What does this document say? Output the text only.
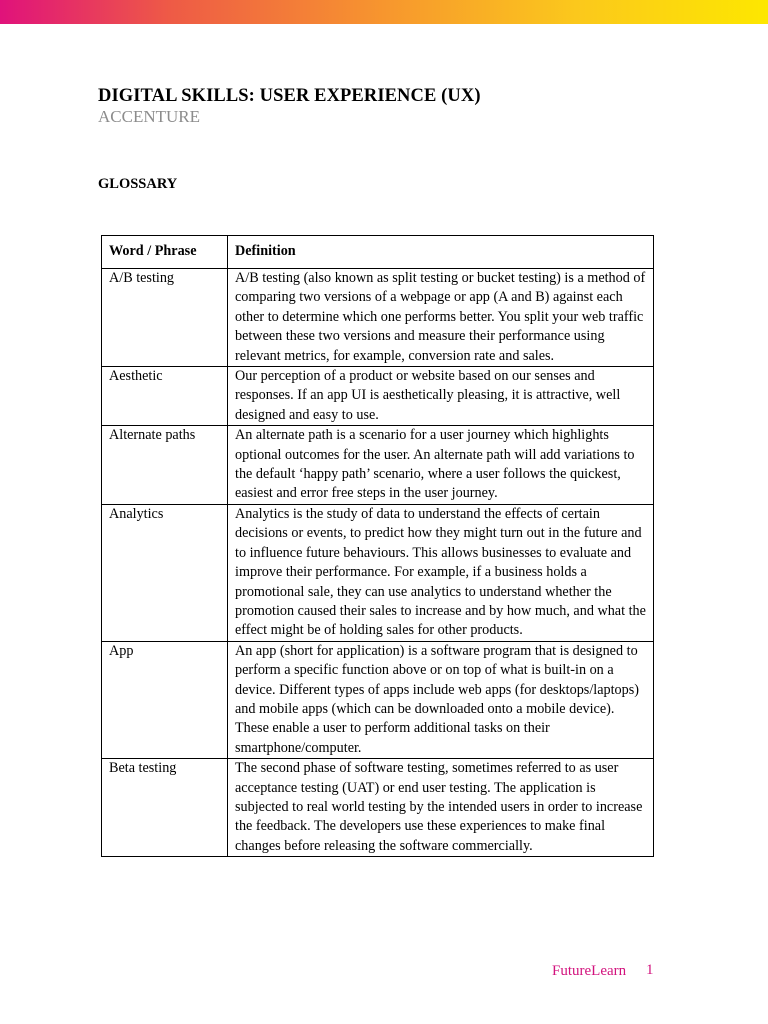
DIGITAL SKILLS: USER EXPERIENCE (UX)
ACCENTURE
GLOSSARY
Word / Phrase	Definition
A/B testing	A/B testing (also known as split testing or bucket testing) is a method of comparing two versions of a webpage or app (A and B) against each other to determine which one performs better. You split your web traffic between these two versions and measure their performance using relevant metrics, for example, conversion rate and sales.
Aesthetic	Our perception of a product or website based on our senses and responses. If an app UI is aesthetically pleasing, it is attractive, well designed and easy to use.
Alternate paths	An alternate path is a scenario for a user journey which highlights optional outcomes for the user. An alternate path will add variations to the default ‘happy path’ scenario, where a user follows the quickest, easiest and error free steps in the user journey.
Analytics	Analytics is the study of data to understand the effects of certain decisions or events, to predict how they might turn out in the future and to influence future behaviours. This allows businesses to evaluate and improve their performance. For example, if a business holds a promotional sale, they can use analytics to understand whether the promotion caused their sales to increase and by how much, and what the effect might be of holding sales for other products.
App	An app (short for application) is a software program that is designed to perform a specific function above or on top of what is built-in on a device. Different types of apps include web apps (for desktops/laptops) and mobile apps (which can be downloaded onto a mobile device). These enable a user to perform additional tasks on their smartphone/computer.
Beta testing	The second phase of software testing, sometimes referred to as user acceptance testing (UAT) or end user testing. The application is subjected to real world testing by the intended users in order to increase the feedback. The developers use these experiences to make final changes before releasing the software commercially.
FutureLearn 1
